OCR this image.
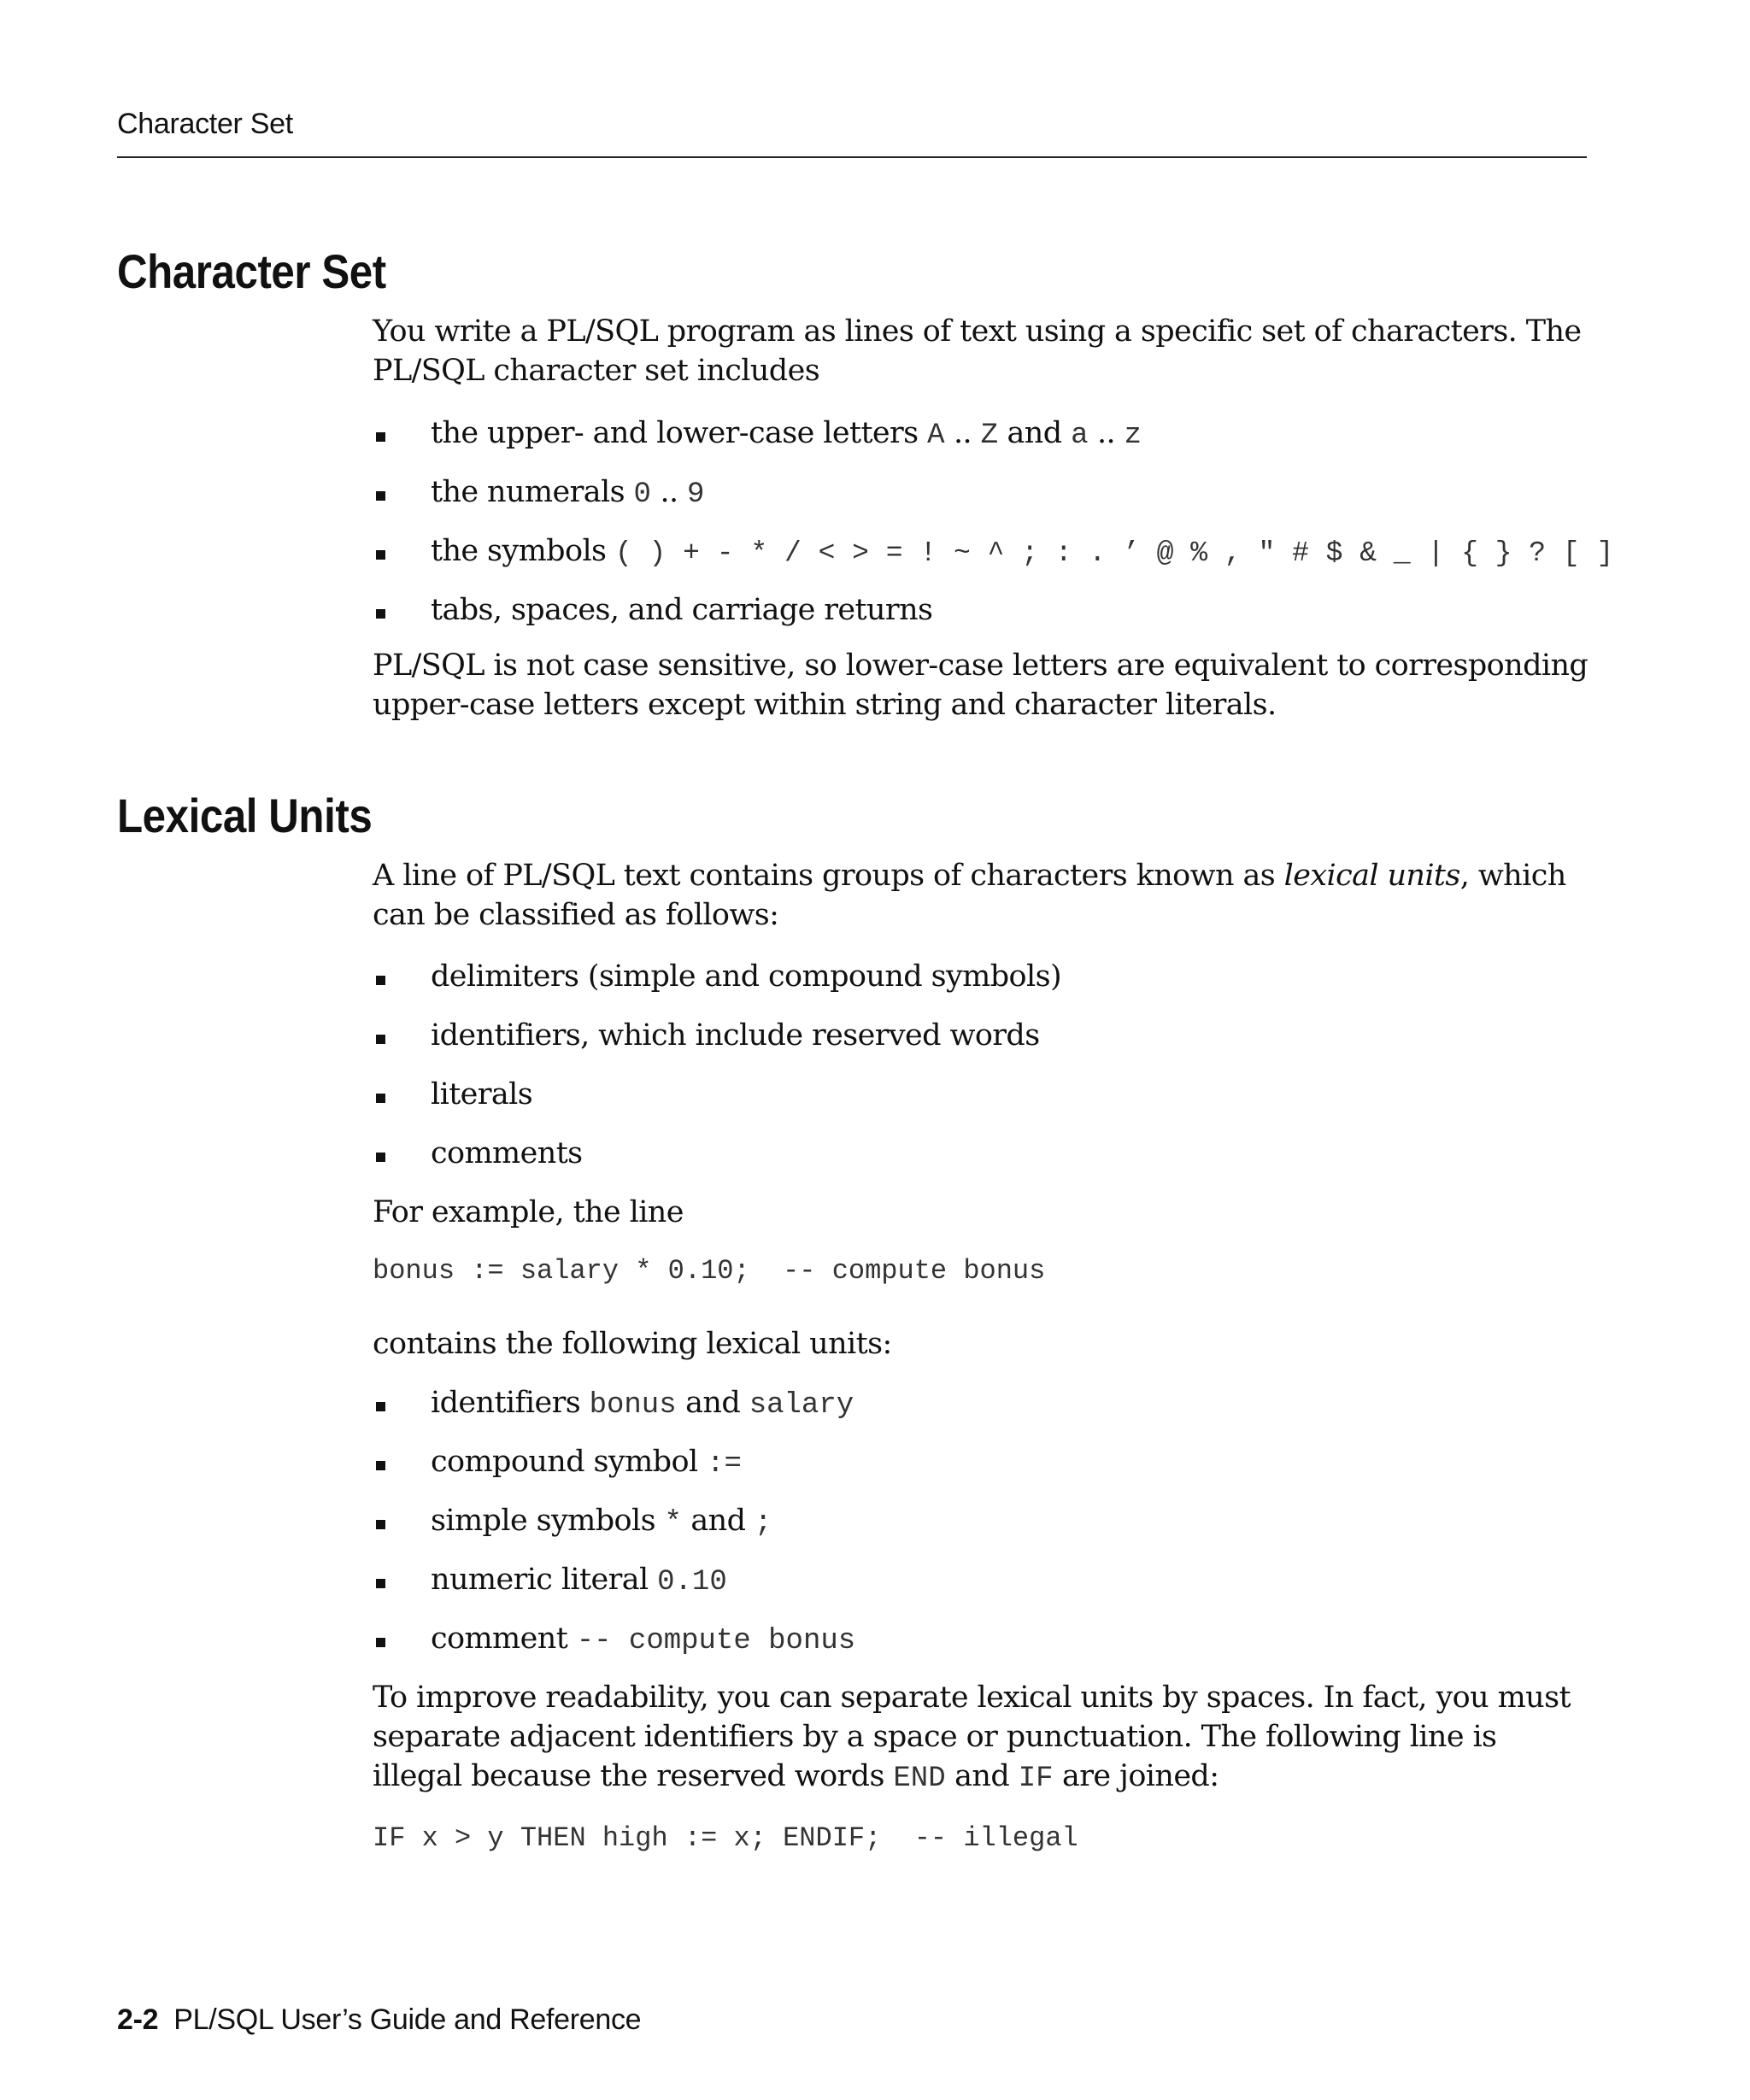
Character Set
Character Set

You write a PL/SQL program as lines of text using a specific set of characters. The PL/SQL character set includes

the upper- and lower-case letters A .. Z and a .. z
the numerals 0 .. 9
the symbols ( ) + - * / < > = ! ~ ^ ; : . ’ @ % , " # $ & _ | { } ? [ ]
tabs, spaces, and carriage returns

PL/SQL is not case sensitive, so lower-case letters are equivalent to corresponding upper-case letters except within string and character literals.

Lexical Units

A line of PL/SQL text contains groups of characters known as lexical units, which can be classified as follows:

delimiters (simple and compound symbols)
identifiers, which include reserved words
literals
comments

For example, the line

bonus := salary * 0.10;  -- compute bonus

contains the following lexical units:

identifiers bonus and salary
compound symbol :=
simple symbols * and ;
numeric literal 0.10
comment -- compute bonus

To improve readability, you can separate lexical units by spaces. In fact, you must separate adjacent identifiers by a space or punctuation. The following line is illegal because the reserved words END and IF are joined:

IF x > y THEN high := x; ENDIF;  -- illegal
2-2 PL/SQL User’s Guide and Reference
